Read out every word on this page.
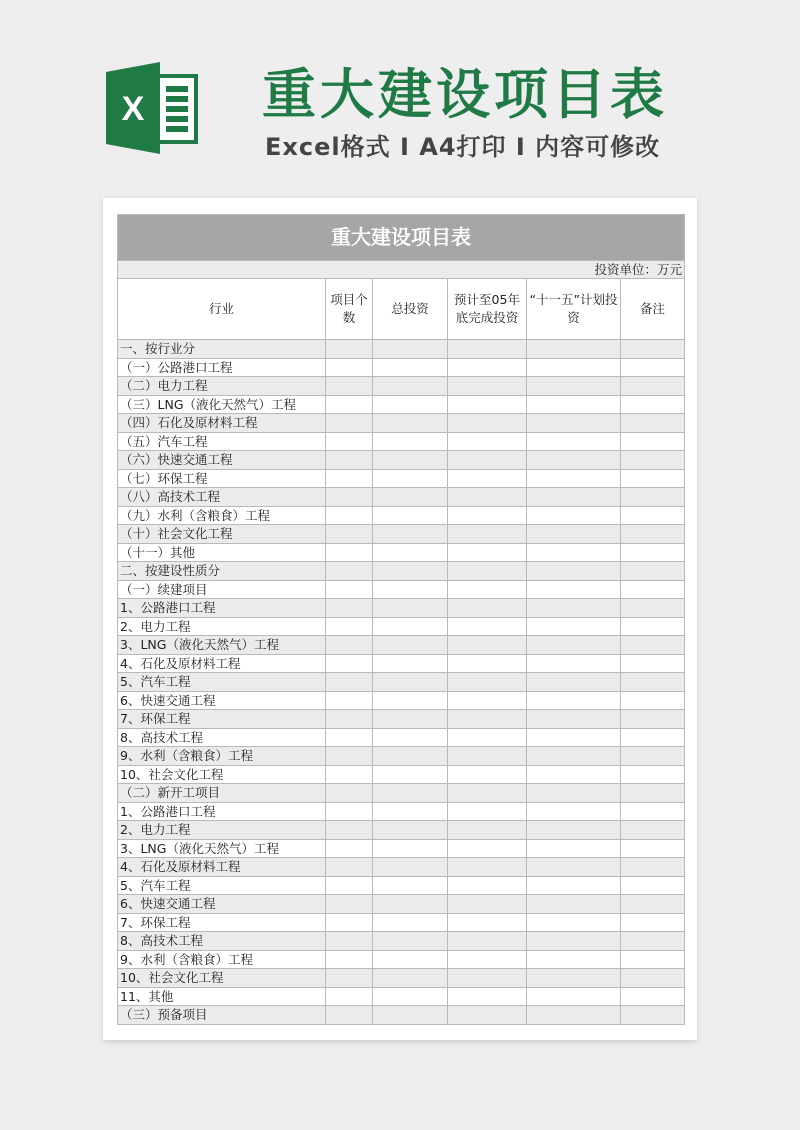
X 重大建设项目表
Excel格式 I A4打印 I 内容可修改
重大建设项目表					
投资单位：万元					
行业	项目个数	总投资	预计至05年底完成投资	“十一五”计划投资	备注
一、按行业分					
（一）公路港口工程					
（二）电力工程					
（三）LNG（液化天然气）工程					
（四）石化及原材料工程					
（五）汽车工程					
（六）快速交通工程					
（七）环保工程					
（八）高技术工程					
（九）水利（含粮食）工程					
（十）社会文化工程					
（十一）其他					
二、按建设性质分					
（一）续建项目					
1、公路港口工程					
2、电力工程					
3、LNG（液化天然气）工程					
4、石化及原材料工程					
5、汽车工程					
6、快速交通工程					
7、环保工程					
8、高技术工程					
9、水利（含粮食）工程					
10、社会文化工程					
（二）新开工项目					
1、公路港口工程					
2、电力工程					
3、LNG（液化天然气）工程					
4、石化及原材料工程					
5、汽车工程					
6、快速交通工程					
7、环保工程					
8、高技术工程					
9、水利（含粮食）工程					
10、社会文化工程					
11、其他					
（三）预备项目					
